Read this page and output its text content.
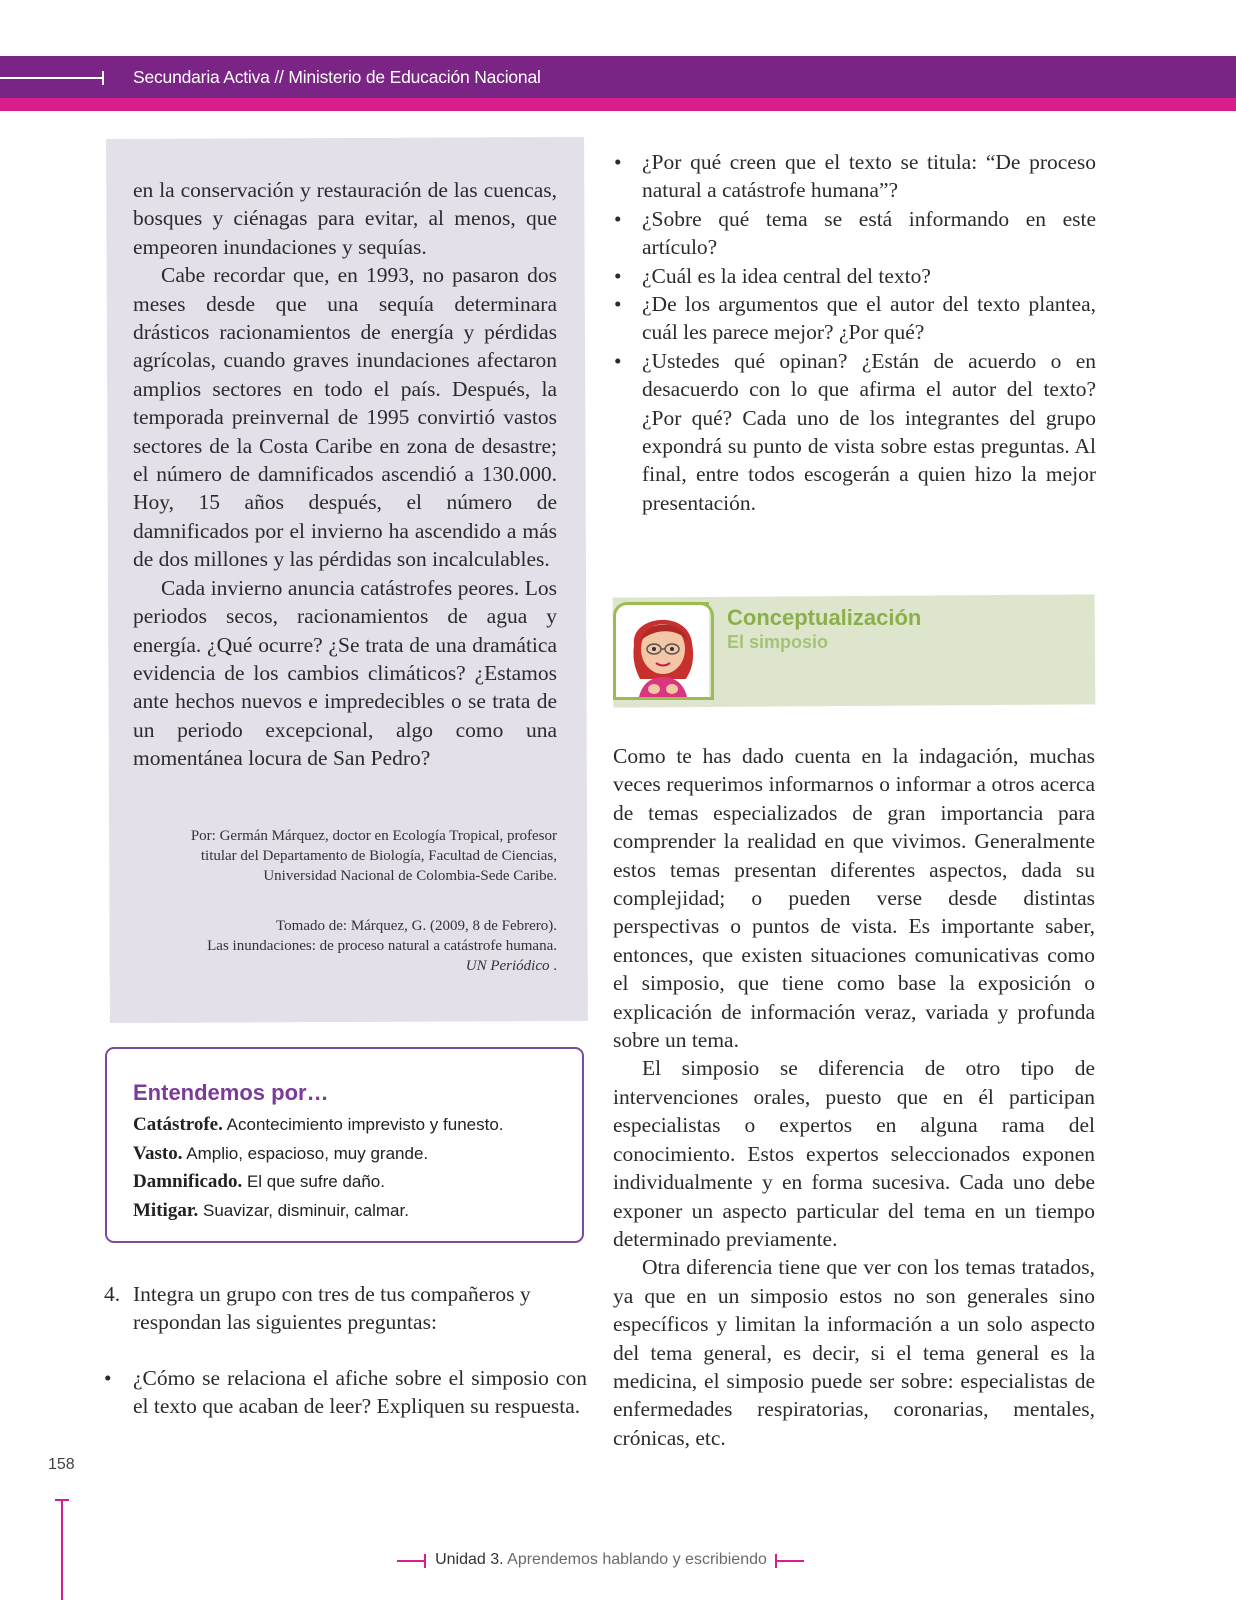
Secundaria Activa // Ministerio de Educación Nacional

en la conservación y restauración de las cuencas, bosques y ciénagas para evitar, al menos, que empeoren inundaciones y sequías.

Cabe recordar que, en 1993, no pasaron dos meses desde que una sequía determinara drásticos racionamientos de energía y pérdidas agrícolas, cuando graves inundaciones afectaron amplios sectores en todo el país. Después, la temporada preinvernal de 1995 convirtió vastos sectores de la Costa Caribe en zona de desastre; el número de damnificados ascendió a 130.000. Hoy, 15 años después, el número de damnificados por el invierno ha ascendido a más de dos millones y las pérdidas son incalculables.

Cada invierno anuncia catástrofes peores. Los periodos secos, racionamientos de agua y energía. ¿Qué ocurre? ¿Se trata de una dramática evidencia de los cambios climáticos? ¿Estamos ante hechos nuevos e impredecibles o se trata de un periodo excepcional, algo como una momentánea locura de San Pedro?

Por: Germán Márquez, doctor en Ecología Tropical, profesor

titular del Departamento de Biología, Facultad de Ciencias,

Universidad Nacional de Colombia-Sede Caribe.

Tomado de: Márquez, G. (2009, 8 de Febrero).

Las inundaciones: de proceso natural a catástrofe humana.

UN Periódico .

Entendemos por…
Catástrofe. Acontecimiento imprevisto y funesto.
Vasto. Amplio, espacioso, muy grande.
Damnificado. El que sufre daño.
Mitigar. Suavizar, disminuir, calmar.
4. Integra un grupo con tres de tus compañeros y respondan las siguientes preguntas:
• ¿Cómo se relaciona el afiche sobre el simposio con el texto que acaban de leer? Expliquen su respuesta.
• ¿Por qué creen que el texto se titula: “De proceso natural a catástrofe humana”?
• ¿Sobre qué tema se está informando en este artículo?
• ¿Cuál es la idea central del texto?
• ¿De los argumentos que el autor del texto plantea, cuál les parece mejor? ¿Por qué?
• ¿Ustedes qué opinan? ¿Están de acuerdo o en desacuerdo con lo que afirma el autor del texto? ¿Por qué? Cada uno de los integrantes del grupo expondrá su punto de vista sobre estas preguntas. Al final, entre todos escogerán a quien hizo la mejor presentación.
Conceptualización
El simposio

Como te has dado cuenta en la indagación, muchas veces requerimos informarnos o informar a otros acerca de temas especializados de gran importancia para comprender la realidad en que vivimos. Generalmente estos temas presentan diferentes aspectos, dada su complejidad; o pueden verse desde distintas perspectivas o puntos de vista. Es importante saber, entonces, que existen situaciones comunicativas como el simposio, que tiene como base la exposición o explicación de información veraz, variada y profunda sobre un tema.

El simposio se diferencia de otro tipo de intervenciones orales, puesto que en él participan especialistas o expertos en alguna rama del conocimiento. Estos expertos seleccionados exponen individualmente y en forma sucesiva. Cada uno debe exponer un aspecto particular del tema en un tiempo determinado previamente.

Otra diferencia tiene que ver con los temas tratados, ya que en un simposio estos no son generales sino específicos y limitan la información a un solo aspecto del tema general, es decir, si el tema general es la medicina, el simposio puede ser sobre: especialistas de enfermedades respiratorias, coronarias, mentales, crónicas, etc.

158
Unidad 3. Aprendemos hablando y escribiendo
